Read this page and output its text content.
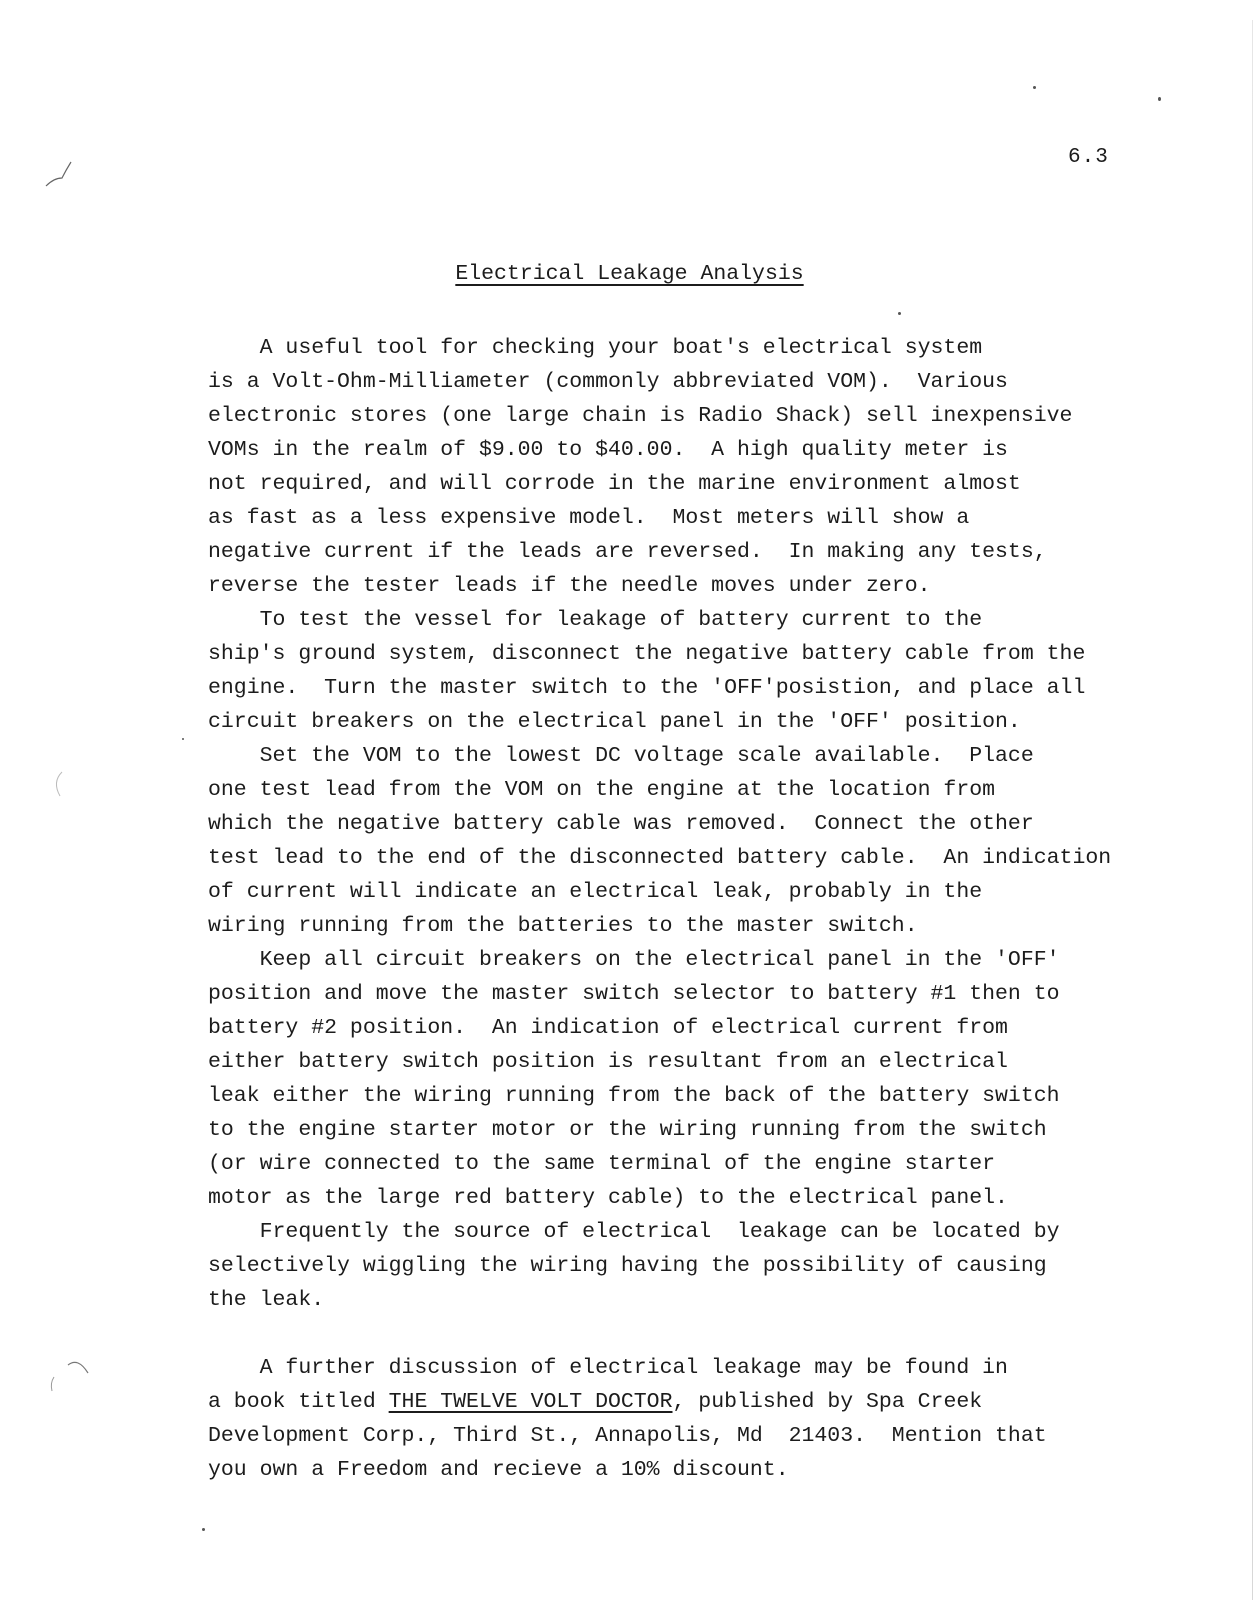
6.3
Electrical Leakage Analysis
A useful tool for checking your boat's electrical system
is a Volt-Ohm-Milliameter (commonly abbreviated VOM).  Various
electronic stores (one large chain is Radio Shack) sell inexpensive
VOMs in the realm of $9.00 to $40.00.  A high quality meter is
not required, and will corrode in the marine environment almost
as fast as a less expensive model.  Most meters will show a
negative current if the leads are reversed.  In making any tests,
reverse the tester leads if the needle moves under zero.
To test the vessel for leakage of battery current to the
ship's ground system, disconnect the negative battery cable from the
engine.  Turn the master switch to the 'OFF'posistion, and place all
circuit breakers on the electrical panel in the 'OFF' position.
Set the VOM to the lowest DC voltage scale available.  Place
one test lead from the VOM on the engine at the location from
which the negative battery cable was removed.  Connect the other
test lead to the end of the disconnected battery cable.  An indication
of current will indicate an electrical leak, probably in the
wiring running from the batteries to the master switch.
Keep all circuit breakers on the electrical panel in the 'OFF'
position and move the master switch selector to battery #1 then to
battery #2 position.  An indication of electrical current from
either battery switch position is resultant from an electrical
leak either the wiring running from the back of the battery switch
to the engine starter motor or the wiring running from the switch
(or wire connected to the same terminal of the engine starter
motor as the large red battery cable) to the electrical panel.
Frequently the source of electrical  leakage can be located by
selectively wiggling the wiring having the possibility of causing
the leak.
A further discussion of electrical leakage may be found in
a book titled THE TWELVE VOLT DOCTOR, published by Spa Creek
Development Corp., Third St., Annapolis, Md  21403.  Mention that
you own a Freedom and recieve a 10% discount.
